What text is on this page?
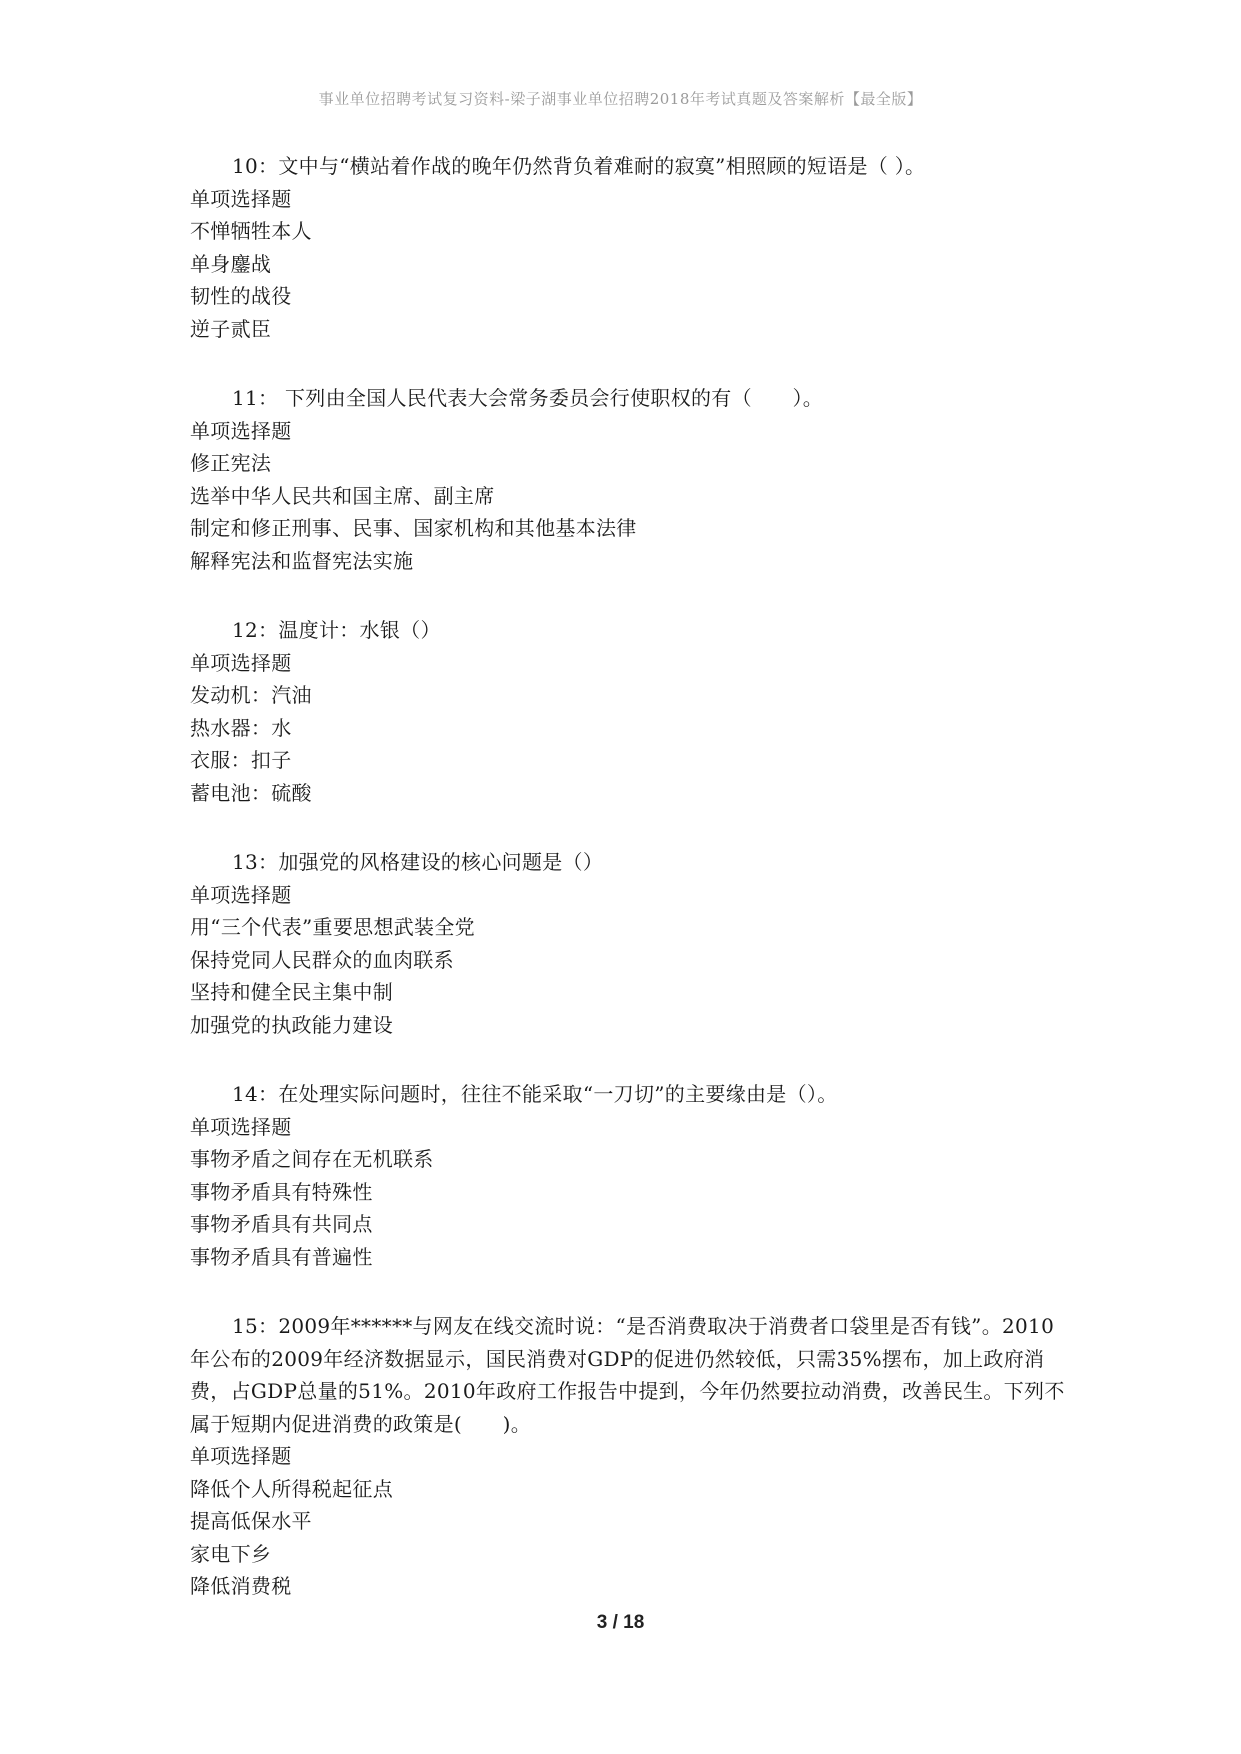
事业单位招聘考试复习资料-梁子湖事业单位招聘2018年考试真题及答案解析【最全版】

10：文中与“横站着作战的晚年仍然背负着难耐的寂寞”相照顾的短语是（ ）。

单项选择题

不惮牺牲本人

单身鏖战

韧性的战役

逆子贰臣

11： 下列由全国人民代表大会常务委员会行使职权的有（　　）。

单项选择题

修正宪法

选举中华人民共和国主席、副主席

制定和修正刑事、民事、国家机构和其他基本法律

解释宪法和监督宪法实施

12：温度计：水银（）

单项选择题

发动机：汽油

热水器：水

衣服：扣子

蓄电池：硫酸

13：加强党的风格建设的核心问题是（）

单项选择题

用“三个代表”重要思想武装全党

保持党同人民群众的血肉联系

坚持和健全民主集中制

加强党的执政能力建设

14：在处理实际问题时，往往不能采取“一刀切”的主要缘由是（）。

单项选择题

事物矛盾之间存在无机联系

事物矛盾具有特殊性

事物矛盾具有共同点

事物矛盾具有普遍性

15：2009年******与网友在线交流时说：“是否消费取决于消费者口袋里是否有钱”。2010年公布的2009年经济数据显示，国民消费对GDP的促进仍然较低，只需35%摆布，加上政府消费，占GDP总量的51%。2010年政府工作报告中提到，今年仍然要拉动消费，改善民生。下列不属于短期内促进消费的政策是(　　)。

单项选择题

降低个人所得税起征点

提高低保水平

家电下乡

降低消费税

3 / 18
